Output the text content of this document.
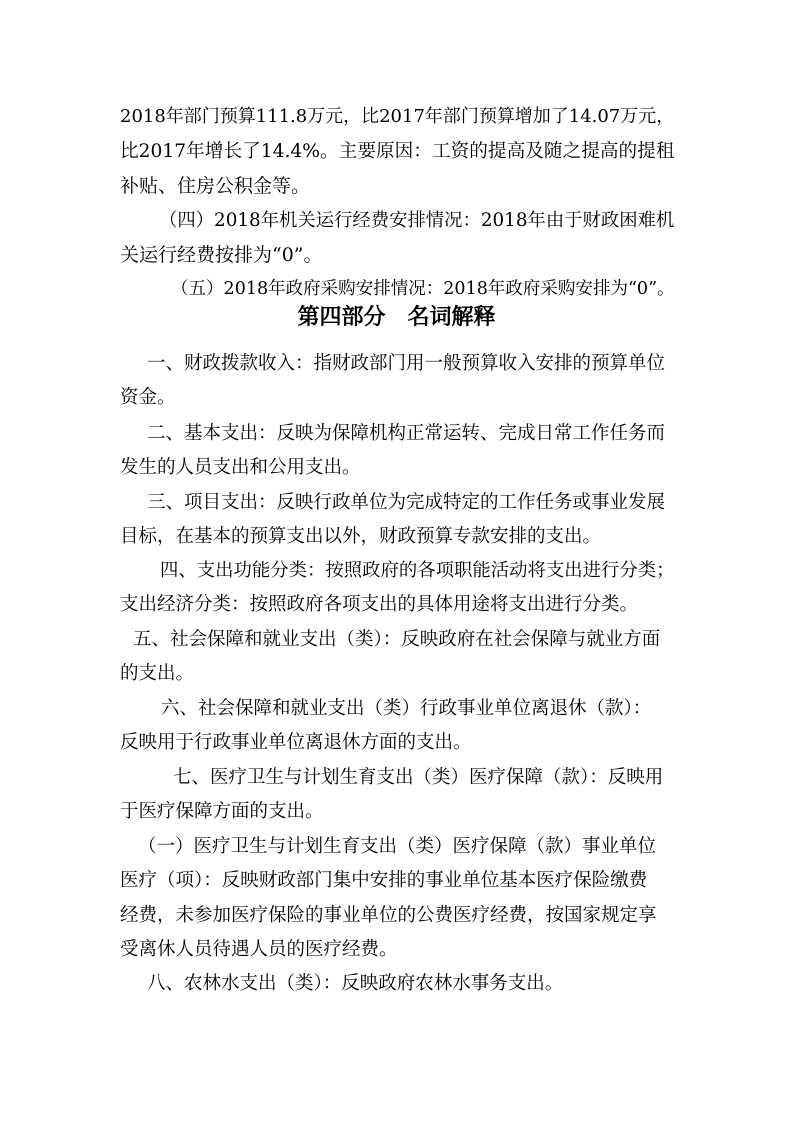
2018年部门预算111.8万元，比2017年部门预算增加了14.07万元，
比2017年增长了14.4%。主要原因：工资的提高及随之提高的提租
补贴、住房公积金等。
（四）2018年机关运行经费安排情况：2018年由于财政困难机
关运行经费按排为“0”。
（五）2018年政府采购安排情况：2018年政府采购安排为“0”。
第四部分　名词解释
一、财政拨款收入：指财政部门用一般预算收入安排的预算单位
资金。
二、基本支出：反映为保障机构正常运转、完成日常工作任务而
发生的人员支出和公用支出。
三、项目支出：反映行政单位为完成特定的工作任务或事业发展
目标，在基本的预算支出以外，财政预算专款安排的支出。
四、支出功能分类：按照政府的各项职能活动将支出进行分类；
支出经济分类：按照政府各项支出的具体用途将支出进行分类。
五、社会保障和就业支出（类）：反映政府在社会保障与就业方面
的支出。
六、社会保障和就业支出（类）行政事业单位离退休（款）：
反映用于行政事业单位离退休方面的支出。
七、医疗卫生与计划生育支出（类）医疗保障（款）：反映用
于医疗保障方面的支出。
（一）医疗卫生与计划生育支出（类）医疗保障（款）事业单位
医疗（项）：反映财政部门集中安排的事业单位基本医疗保险缴费
经费，未参加医疗保险的事业单位的公费医疗经费，按国家规定享
受离休人员待遇人员的医疗经费。
八、农林水支出（类）：反映政府农林水事务支出。
